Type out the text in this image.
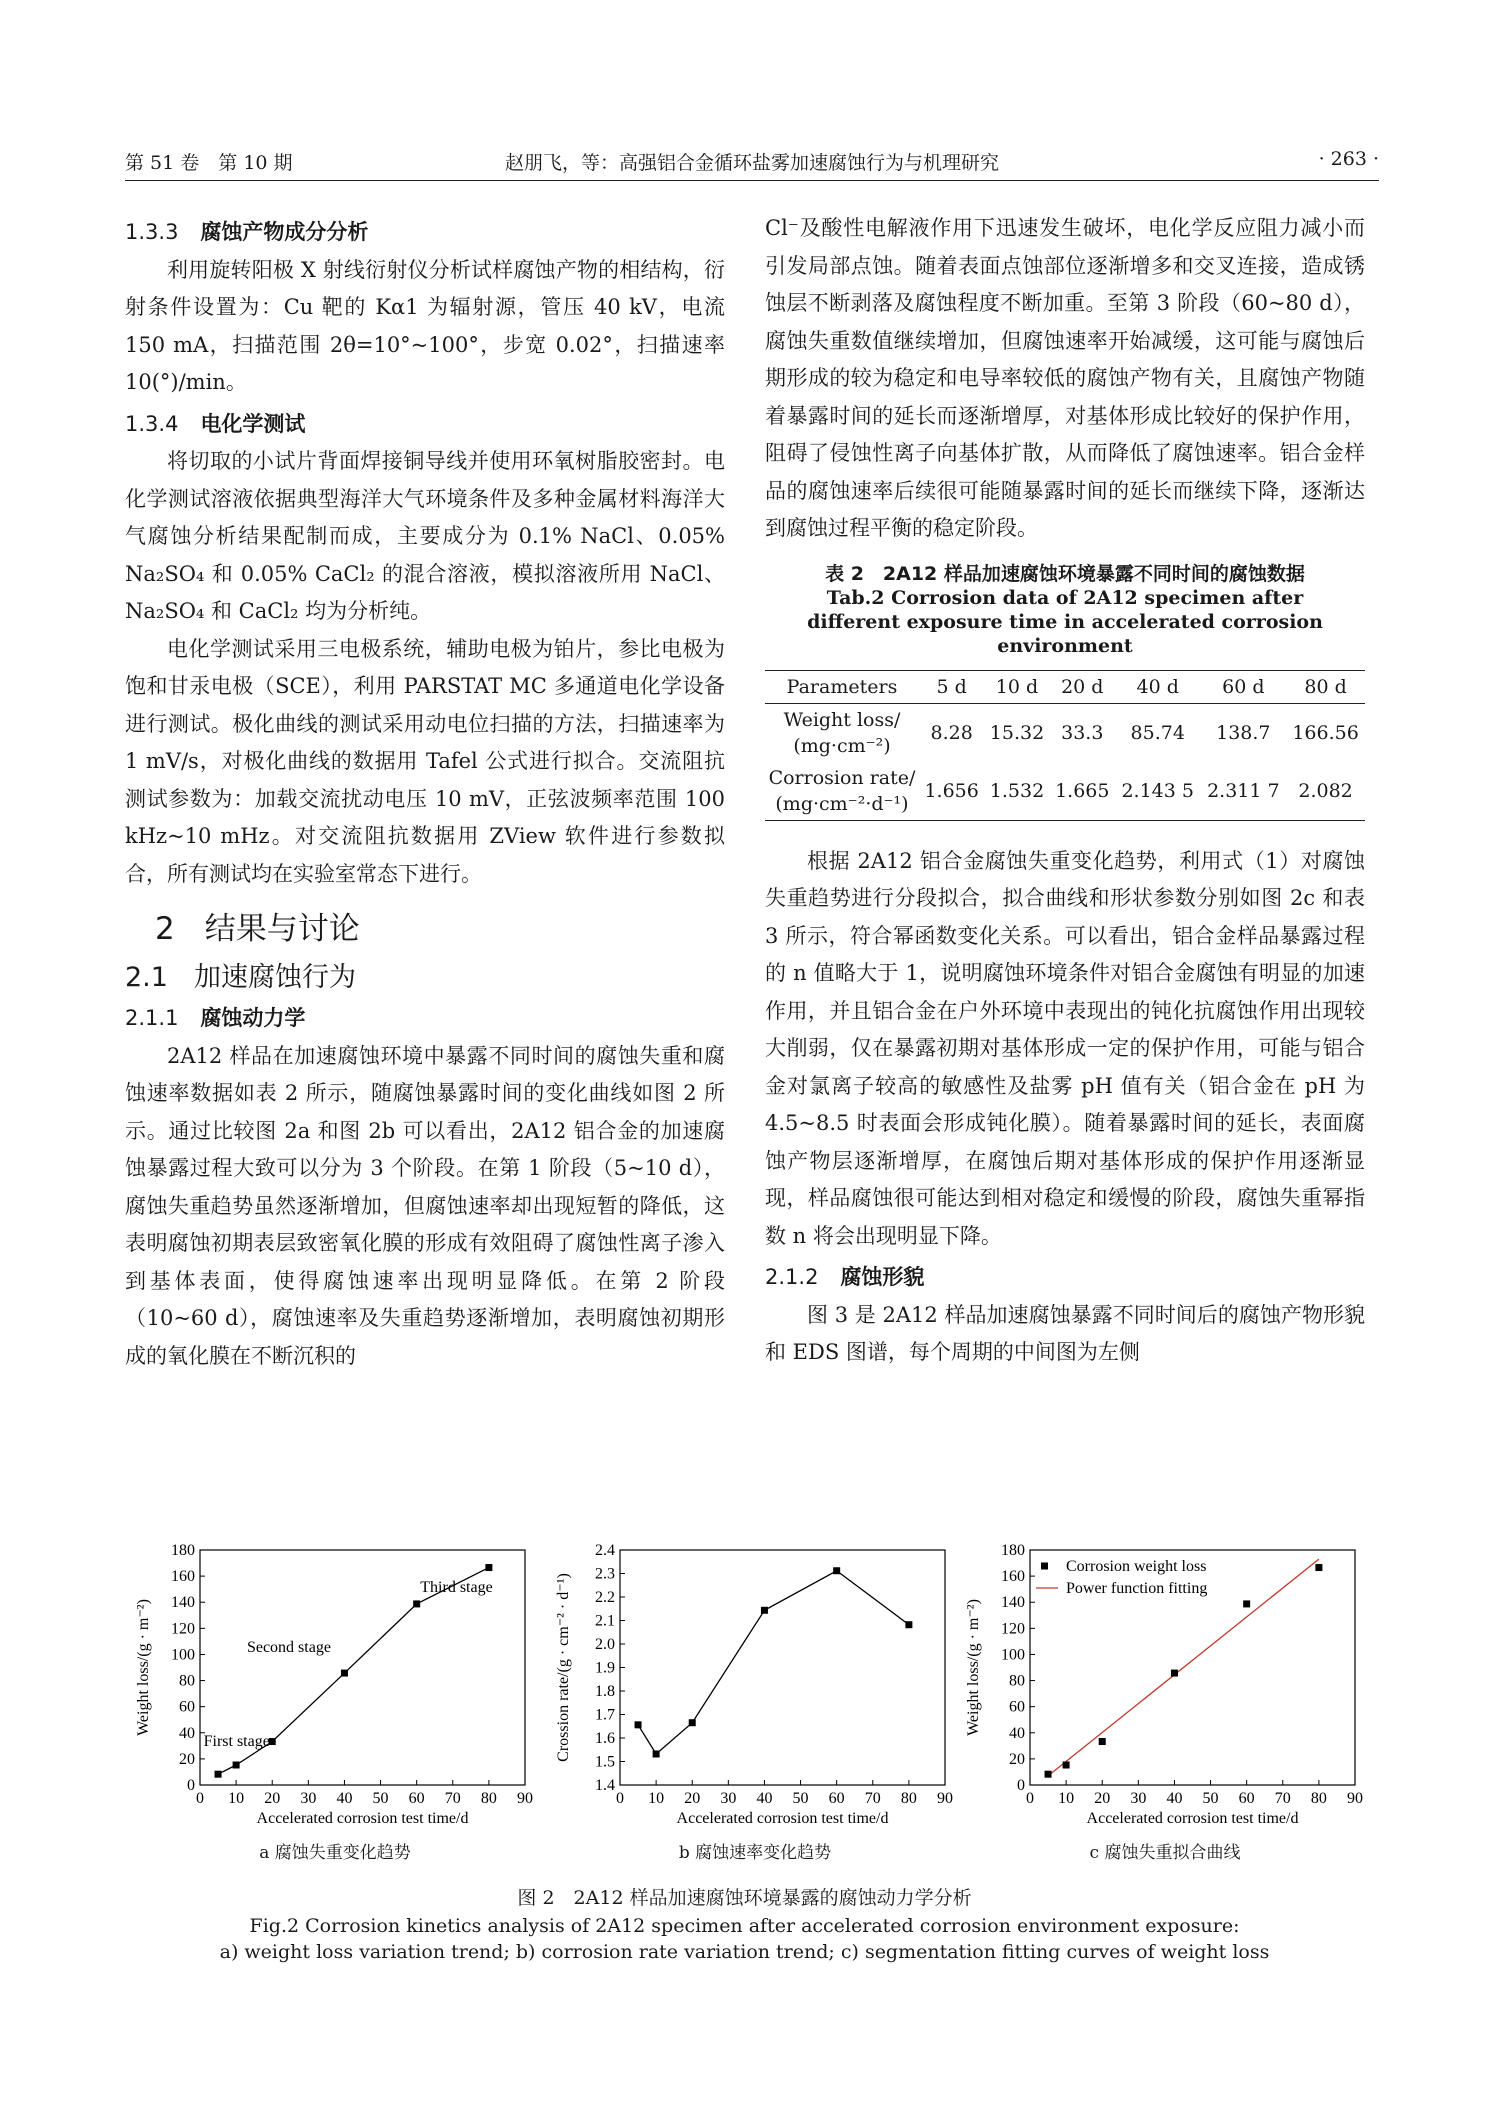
第 51 卷　 第 10 期	赵朋飞，等：高强铝合金循环盐雾加速腐蚀行为与机理研究	· 263 ·
1.3.3 腐蚀产物成分分析

利用旋转阳极 X 射线衍射仪分析试样腐蚀产物的相结构，衍射条件设置为：Cu 靶的 Kα1 为辐射源，管压 40 kV，电流 150 mA，扫描范围 2θ=10°~100°，步宽 0.02°，扫描速率 10(°)/min。

1.3.4 电化学测试

将切取的小试片背面焊接铜导线并使用环氧树脂胶密封。电化学测试溶液依据典型海洋大气环境条件及多种金属材料海洋大气腐蚀分析结果配制而成，主要成分为 0.1% NaCl、0.05% Na₂SO₄ 和 0.05% CaCl₂ 的混合溶液，模拟溶液所用 NaCl、Na₂SO₄ 和 CaCl₂ 均为分析纯。

电化学测试采用三电极系统，辅助电极为铂片，参比电极为饱和甘汞电极（SCE），利用 PARSTAT MC 多通道电化学设备进行测试。极化曲线的测试采用动电位扫描的方法，扫描速率为 1 mV/s，对极化曲线的数据用 Tafel 公式进行拟合。交流阻抗测试参数为：加载交流扰动电压 10 mV，正弦波频率范围 100 kHz~10 mHz。对交流阻抗数据用 ZView 软件进行参数拟合，所有测试均在实验室常态下进行。

2 结果与讨论
2.1 加速腐蚀行为
2.1.1 腐蚀动力学

2A12 样品在加速腐蚀环境中暴露不同时间的腐蚀失重和腐蚀速率数据如表 2 所示，随腐蚀暴露时间的变化曲线如图 2 所示。通过比较图 2a 和图 2b 可以看出，2A12 铝合金的加速腐蚀暴露过程大致可以分为 3 个阶段。在第 1 阶段（5~10 d），腐蚀失重趋势虽然逐渐增加，但腐蚀速率却出现短暂的降低，这表明腐蚀初期表层致密氧化膜的形成有效阻碍了腐蚀性离子渗入到基体表面，使得腐蚀速率出现明显降低。在第 2 阶段（10~60 d），腐蚀速率及失重趋势逐渐增加，表明腐蚀初期形成的氧化膜在不断沉积的

Cl⁻及酸性电解液作用下迅速发生破坏，电化学反应阻力减小而引发局部点蚀。随着表面点蚀部位逐渐增多和交叉连接，造成锈蚀层不断剥落及腐蚀程度不断加重。至第 3 阶段（60~80 d），腐蚀失重数值继续增加，但腐蚀速率开始减缓，这可能与腐蚀后期形成的较为稳定和电导率较低的腐蚀产物有关，且腐蚀产物随着暴露时间的延长而逐渐增厚，对基体形成比较好的保护作用，阻碍了侵蚀性离子向基体扩散，从而降低了腐蚀速率。铝合金样品的腐蚀速率后续很可能随暴露时间的延长而继续下降，逐渐达到腐蚀过程平衡的稳定阶段。

表 2　2A12 样品加速腐蚀环境暴露不同时间的腐蚀数据
Tab.2 Corrosion data of 2A12 specimen after different exposure time in accelerated corrosion environment
Parameters	5 d	10 d	20 d	40 d	60 d	80 d
Weight loss/
(mg·cm⁻²)	8.28	15.32	33.3	85.74	138.7	166.56
Corrosion rate/
(mg·cm⁻²·d⁻¹)	1.656	1.532	1.665	2.143 5	2.311 7	2.082

根据 2A12 铝合金腐蚀失重变化趋势，利用式（1）对腐蚀失重趋势进行分段拟合，拟合曲线和形状参数分别如图 2c 和表 3 所示，符合幂函数变化关系。可以看出，铝合金样品暴露过程的 n 值略大于 1，说明腐蚀环境条件对铝合金腐蚀有明显的加速作用，并且铝合金在户外环境中表现出的钝化抗腐蚀作用出现较大削弱，仅在暴露初期对基体形成一定的保护作用，可能与铝合金对氯离子较高的敏感性及盐雾 pH 值有关（铝合金在 pH 为 4.5~8.5 时表面会形成钝化膜）。随着暴露时间的延长，表面腐蚀产物层逐渐增厚，在腐蚀后期对基体形成的保护作用逐渐显现，样品腐蚀很可能达到相对稳定和缓慢的阶段，腐蚀失重幂指数 n 将会出现明显下降。

2.1.2 腐蚀形貌

图 3 是 2A12 样品加速腐蚀暴露不同时间后的腐蚀产物形貌和 EDS 图谱，每个周期的中间图为左侧

0 10 20 30 40 50 60 70 80 90
0
20
40
60
80
100
120
140
160
180
Accelerated corrosion test time/d
Weight loss/(g · m⁻²)
First stage
Second stage
Third stage
0 10 20 30 40 50 60 70 80 90
1.4
1.5
1.6
1.7
1.8
1.9
2.0
2.1
2.2
2.3
2.4
Accelerated corrosion test time/d
Crossion rate/(g · cm⁻² · d⁻¹)
0 10 20 30 40 50 60 70 80 90
0
20
40
60
80
100
120
140
160
180
Accelerated corrosion test time/d
Weight loss/(g · m⁻²)
Corrosion weight loss
Power function fitting
a 腐蚀失重变化趋势	b 腐蚀速率变化趋势	c 腐蚀失重拟合曲线
图 2　2A12 样品加速腐蚀环境暴露的腐蚀动力学分析
Fig.2 Corrosion kinetics analysis of 2A12 specimen after accelerated corrosion environment exposure:
a) weight loss variation trend; b) corrosion rate variation trend; c) segmentation fitting curves of weight loss
